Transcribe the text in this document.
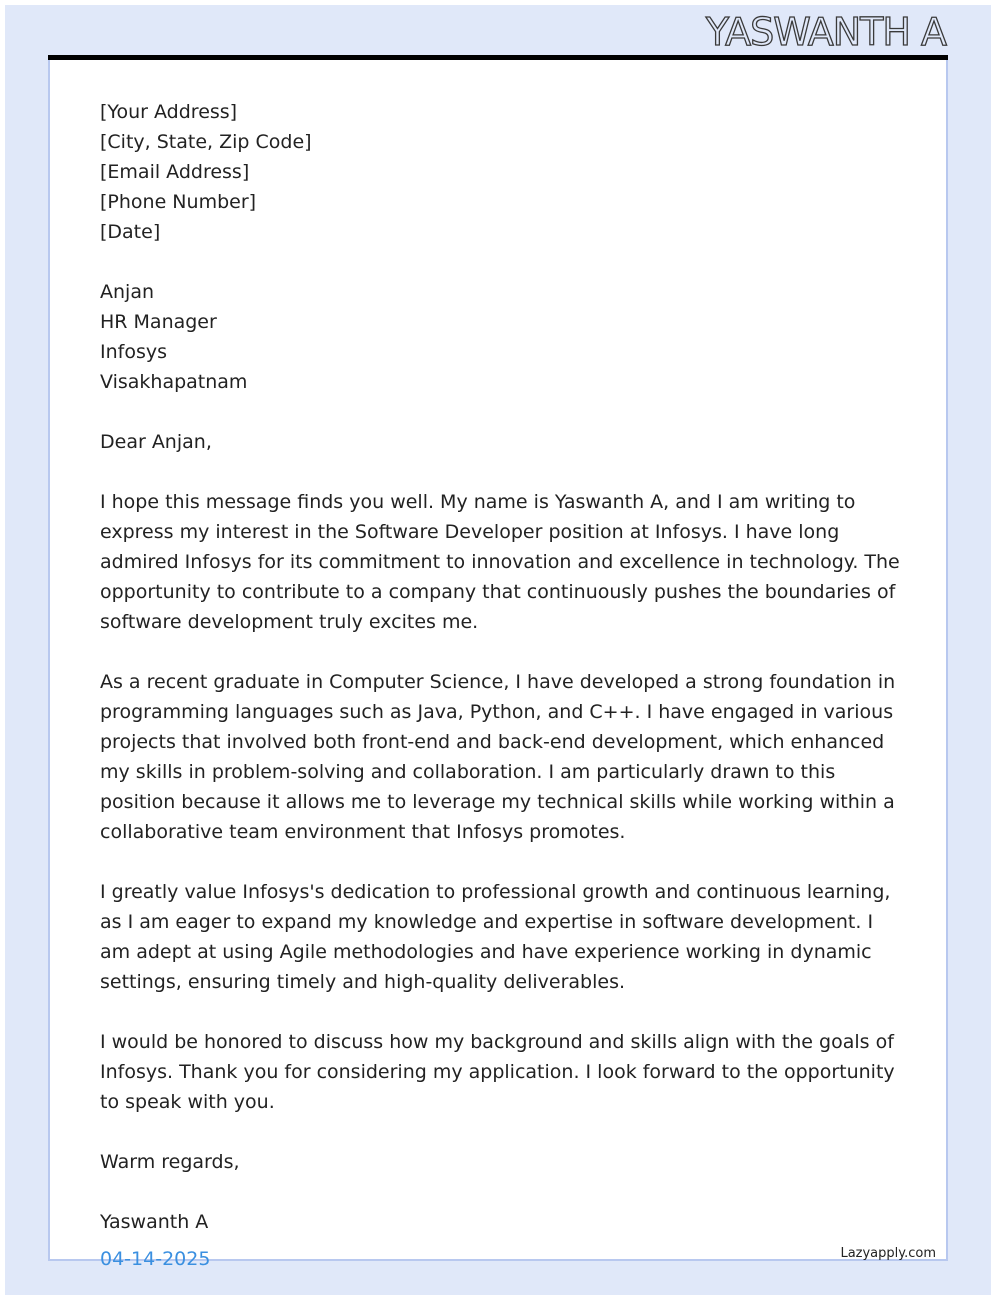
YASWANTH A
[Your Address]
[City, State, Zip Code]
[Email Address]
[Phone Number]
[Date]
Anjan
HR Manager
Infosys
Visakhapatnam
Dear Anjan,

I hope this message finds you well. My name is Yaswanth A, and I am writing to express my interest in the Software Developer position at Infosys. I have long admired Infosys for its commitment to innovation and excellence in technology. The opportunity to contribute to a company that continuously pushes the boundaries of software development truly excites me.

As a recent graduate in Computer Science, I have developed a strong foundation in programming languages such as Java, Python, and C++. I have engaged in various projects that involved both front-end and back-end development, which enhanced my skills in problem-solving and collaboration. I am particularly drawn to this position because it allows me to leverage my technical skills while working within a collaborative team environment that Infosys promotes.

I greatly value Infosys's dedication to professional growth and continuous learning, as I am eager to expand my knowledge and expertise in software development. I am adept at using Agile methodologies and have experience working in dynamic settings, ensuring timely and high-quality deliverables.

I would be honored to discuss how my background and skills align with the goals of Infosys. Thank you for considering my application. I look forward to the opportunity to speak with you.

Warm regards,
Yaswanth A
04-14-2025	Lazyapply.com
